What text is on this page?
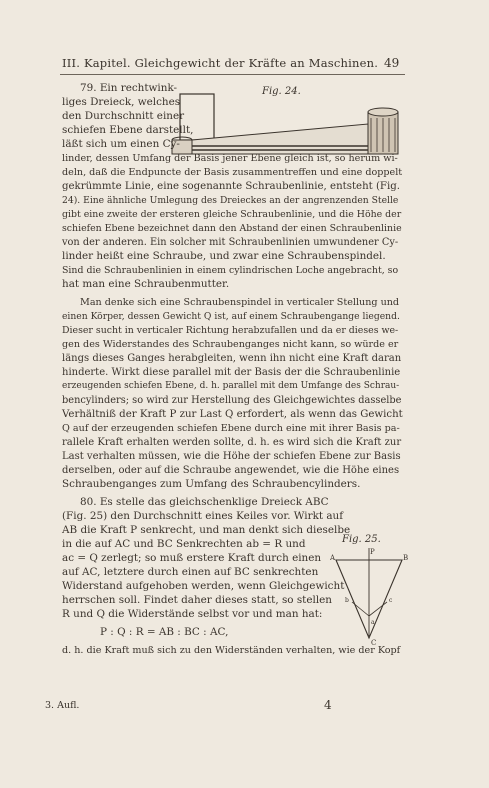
III. Kapitel. Gleichgewicht der Kräfte an Maschinen. 49
Fig. 24.
Fig. 25.
P
A	B
C
a
b	c
79. Ein rechtwink-
liges Dreieck, welches
den Durchschnitt einer
schiefen Ebene darstellt,
läßt sich um einen Cy-
linder, dessen Umfang der Basis jener Ebene gleich ist, so herum wi-
deln, daß die Endpuncte der Basis zusammentreffen und eine doppelt
gekrümmte Linie, eine sogenannte Schraubenlinie, entsteht (Fig.
24). Eine ähnliche Umlegung des Dreieckes an der angrenzenden Stelle
gibt eine zweite der ersteren gleiche Schraubenlinie, und die Höhe der
schiefen Ebene bezeichnet dann den Abstand der einen Schraubenlinie
von der anderen. Ein solcher mit Schraubenlinien umwundener Cy-
linder heißt eine Schraube, und zwar eine Schraubenspindel.
Sind die Schraubenlinien in einem cylindrischen Loche angebracht, so
hat man eine Schraubenmutter.
Man denke sich eine Schraubenspindel in verticaler Stellung und
einen Körper, dessen Gewicht Q ist, auf einem Schraubengange liegend.
Dieser sucht in verticaler Richtung herabzufallen und da er dieses we-
gen des Widerstandes des Schraubenganges nicht kann, so würde er
längs dieses Ganges herabgleiten, wenn ihn nicht eine Kraft daran
hinderte. Wirkt diese parallel mit der Basis der die Schraubenlinie
erzeugenden schiefen Ebene, d. h. parallel mit dem Umfange des Schrau-
bencylinders; so wird zur Herstellung des Gleichgewichtes dasselbe
Verhältniß der Kraft P zur Last Q erfordert, als wenn das Gewicht
Q auf der erzeugenden schiefen Ebene durch eine mit ihrer Basis pa-
rallele Kraft erhalten werden sollte, d. h. es wird sich die Kraft zur
Last verhalten müssen, wie die Höhe der schiefen Ebene zur Basis
derselben, oder auf die Schraube angewendet, wie die Höhe eines
Schraubenganges zum Umfang des Schraubencylinders.
80. Es stelle das gleichschenklige Dreieck ABC
(Fig. 25) den Durchschnitt eines Keiles vor. Wirkt auf
AB die Kraft P senkrecht, und man denkt sich dieselbe
in die auf AC und BC Senkrechten ab = R und
ac = Q zerlegt; so muß erstere Kraft durch einen
auf AC, letztere durch einen auf BC senkrechten
Widerstand aufgehoben werden, wenn Gleichgewicht
herrschen soll. Findet daher dieses statt, so stellen
R und Q die Widerstände selbst vor und man hat:
P : Q : R = AB : BC : AC,
d. h. die Kraft muß sich zu den Widerständen verhalten, wie der Kopf
3. Aufl.	4
